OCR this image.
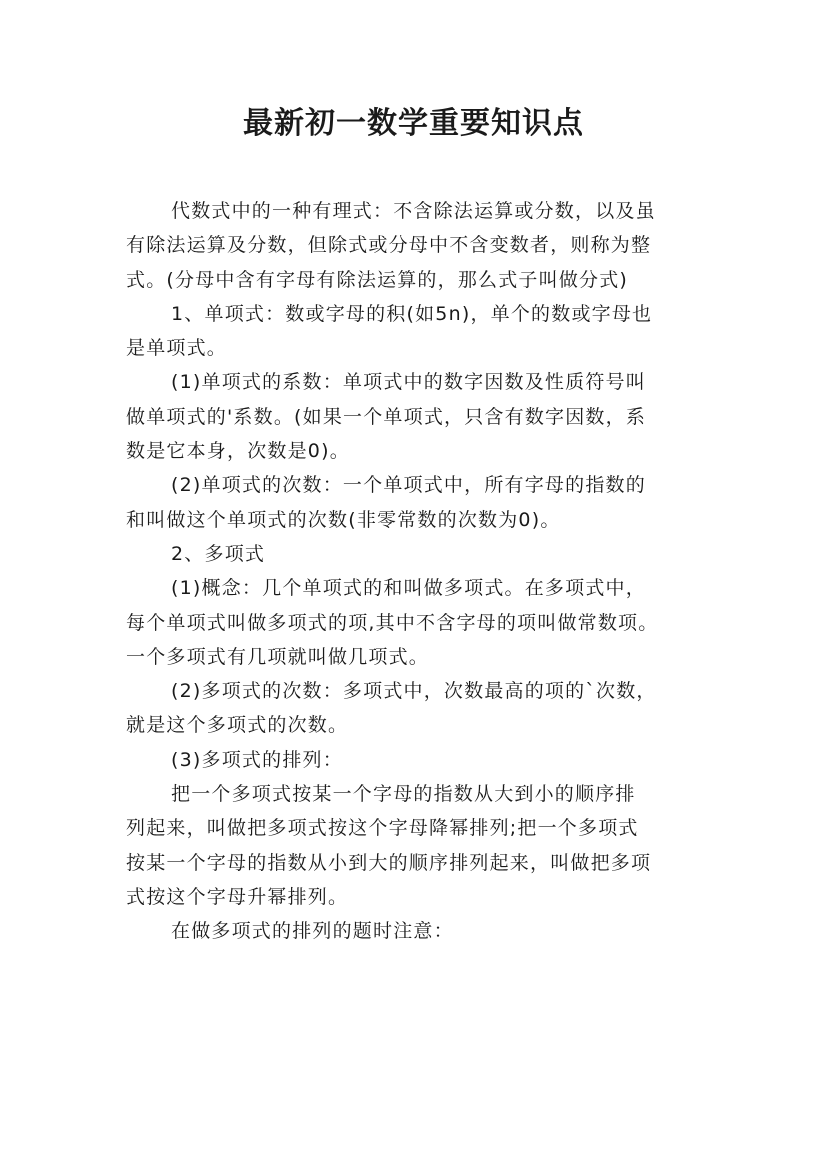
最新初一数学重要知识点
代数式中的一种有理式：不含除法运算或分数，以及虽
有除法运算及分数，但除式或分母中不含变数者，则称为整
式。(分母中含有字母有除法运算的，那么式子叫做分式)
1、单项式：数或字母的积(如5n)，单个的数或字母也
是单项式。
(1)单项式的系数：单项式中的数字因数及性质符号叫
做单项式的'系数。(如果一个单项式，只含有数字因数，系
数是它本身，次数是0)。
(2)单项式的次数：一个单项式中，所有字母的指数的
和叫做这个单项式的次数(非零常数的次数为0)。
2、多项式
(1)概念：几个单项式的和叫做多项式。在多项式中，
每个单项式叫做多项式的项,其中不含字母的项叫做常数项。
一个多项式有几项就叫做几项式。
(2)多项式的次数：多项式中，次数最高的项的`次数，
就是这个多项式的次数。
(3)多项式的排列：
把一个多项式按某一个字母的指数从大到小的顺序排
列起来，叫做把多项式按这个字母降幂排列;把一个多项式
按某一个字母的指数从小到大的顺序排列起来，叫做把多项
式按这个字母升幂排列。
在做多项式的排列的题时注意：
